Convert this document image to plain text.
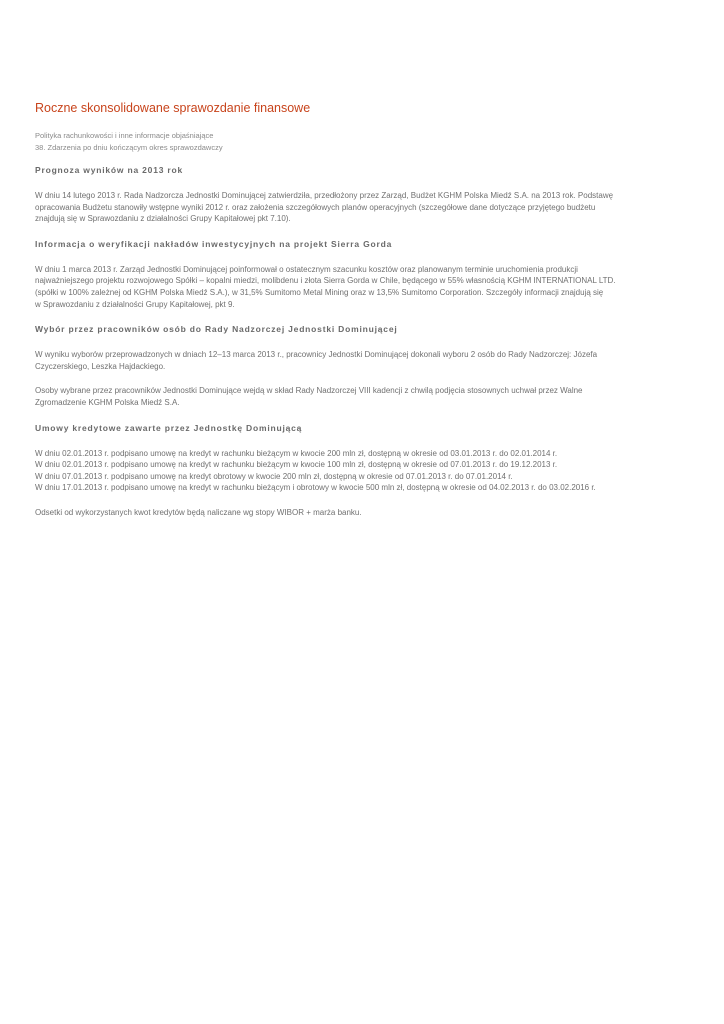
Roczne skonsolidowane sprawozdanie finansowe
Polityka rachunkowości i inne informacje objaśniające
38. Zdarzenia po dniu kończącym okres sprawozdawczy
Prognoza wyników na 2013 rok

W dniu 14 lutego 2013 r. Rada Nadzorcza Jednostki Dominującej zatwierdziła, przedłożony przez Zarząd, Budżet KGHM Polska Miedź S.A. na 2013 rok. Podstawę
opracowania Budżetu stanowiły wstępne wyniki 2012 r. oraz założenia szczegółowych planów operacyjnych (szczegółowe dane dotyczące przyjętego budżetu
znajdują się w Sprawozdaniu z działalności Grupy Kapitałowej pkt 7.10).

Informacja o weryfikacji nakładów inwestycyjnych na projekt Sierra Gorda

W dniu 1 marca 2013 r. Zarząd Jednostki Dominującej poinformował o ostatecznym szacunku kosztów oraz planowanym terminie uruchomienia produkcji
najważniejszego projektu rozwojowego Spółki – kopalni miedzi, molibdenu i złota Sierra Gorda w Chile, będącego w 55% własnością KGHM INTERNATIONAL LTD.
(spółki w 100% zależnej od KGHM Polska Miedź S.A.), w 31,5% Sumitomo Metal Mining oraz w 13,5% Sumitomo Corporation. Szczegóły informacji znajdują się
w Sprawozdaniu z działalności Grupy Kapitałowej, pkt 9.

Wybór przez pracowników osób do Rady Nadzorczej Jednostki Dominującej

W wyniku wyborów przeprowadzonych w dniach 12–13 marca 2013 r., pracownicy Jednostki Dominującej dokonali wyboru 2 osób do Rady Nadzorczej: Józefa
Czyczerskiego, Leszka Hajdackiego.

Osoby wybrane przez pracowników Jednostki Dominujące wejdą w skład Rady Nadzorczej VIII kadencji z chwilą podjęcia stosownych uchwał przez Walne
Zgromadzenie KGHM Polska Miedź S.A.

Umowy kredytowe zawarte przez Jednostkę Dominującą

W dniu 02.01.2013 r. podpisano umowę na kredyt w rachunku bieżącym w kwocie 200 mln zł, dostępną w okresie od 03.01.2013 r. do 02.01.2014 r.
W dniu 02.01.2013 r. podpisano umowę na kredyt w rachunku bieżącym w kwocie 100 mln zł, dostępną w okresie od 07.01.2013 r. do 19.12.2013 r.
W dniu 07.01.2013 r. podpisano umowę na kredyt obrotowy w kwocie 200 mln zł, dostępną w okresie od 07.01.2013 r. do 07.01.2014 r.
W dniu 17.01.2013 r. podpisano umowę na kredyt w rachunku bieżącym i obrotowy w kwocie 500 mln zł, dostępną w okresie od 04.02.2013 r. do 03.02.2016 r.

Odsetki od wykorzystanych kwot kredytów będą naliczane wg stopy WIBOR + marża banku.
